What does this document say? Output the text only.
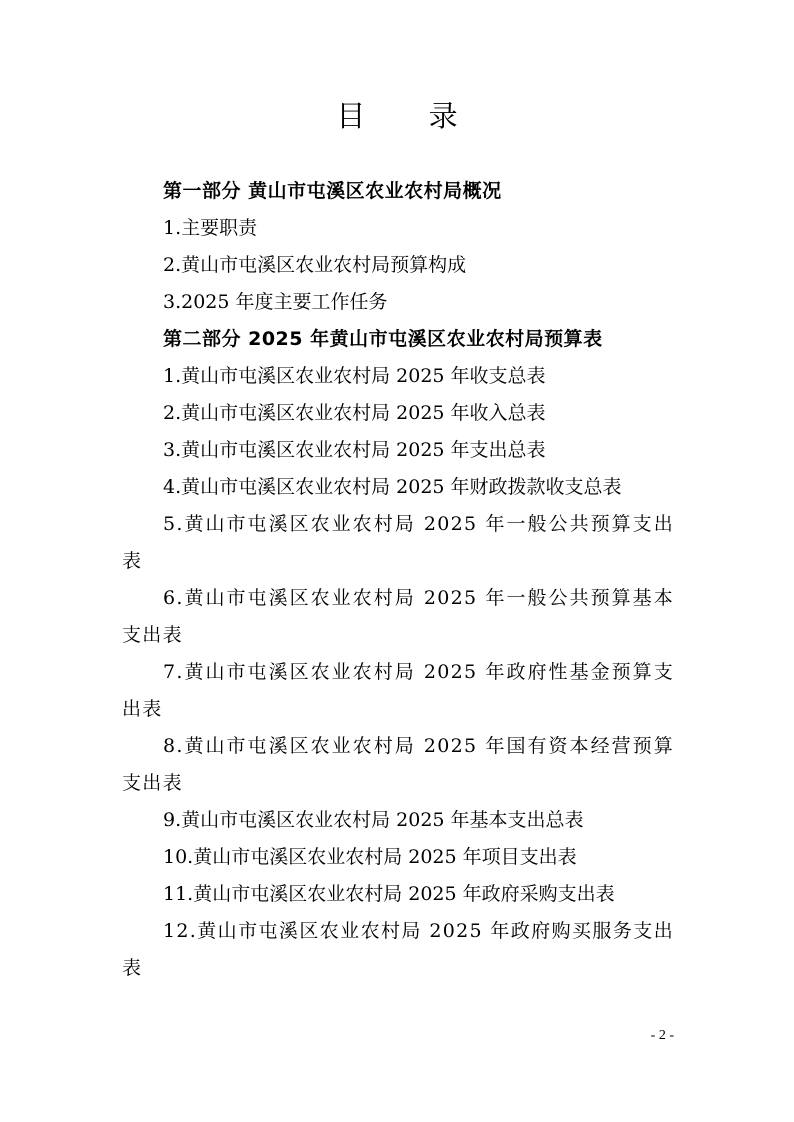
目 录
第一部分 黄山市屯溪区农业农村局概况
1.主要职责
2.黄山市屯溪区农业农村局预算构成
3.2025 年度主要工作任务
第二部分 2025 年黄山市屯溪区农业农村局预算表
1.黄山市屯溪区农业农村局 2025 年收支总表
2.黄山市屯溪区农业农村局 2025 年收入总表
3.黄山市屯溪区农业农村局 2025 年支出总表
4.黄山市屯溪区农业农村局 2025 年财政拨款收支总表
5.黄山市屯溪区农业农村局 2025 年一般公共预算支出表
6.黄山市屯溪区农业农村局 2025 年一般公共预算基本支出表
7.黄山市屯溪区农业农村局 2025 年政府性基金预算支出表
8.黄山市屯溪区农业农村局 2025 年国有资本经营预算支出表
9.黄山市屯溪区农业农村局 2025 年基本支出总表
10.黄山市屯溪区农业农村局 2025 年项目支出表
11.黄山市屯溪区农业农村局 2025 年政府采购支出表
12.黄山市屯溪区农业农村局 2025 年政府购买服务支出表
- 2 -
